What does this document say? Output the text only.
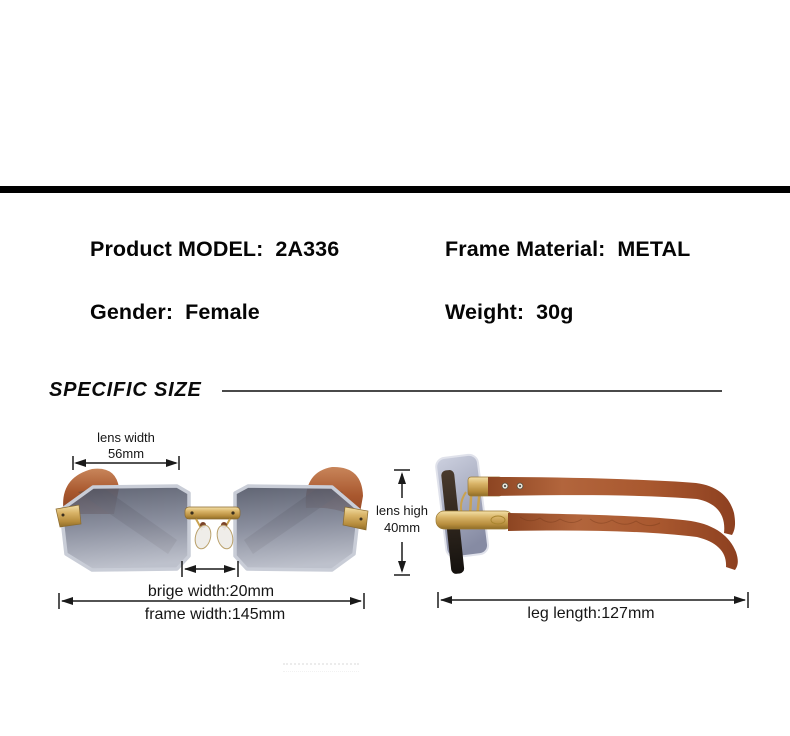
Product MODEL: 2A336	Frame Material: METAL
Gender: Female	Weight: 30g
SPECIFIC SIZE
lens width
56mm
brige width:20mm
frame width:145mm
lens high
40mm
leg length:127mm
